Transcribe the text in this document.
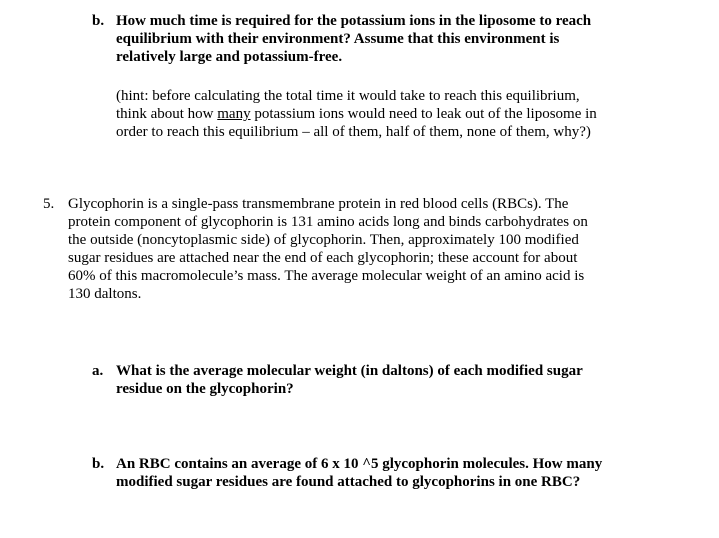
b. How much time is required for the potassium ions in the liposome to reach
equilibrium with their environment? Assume that this environment is
relatively large and potassium-free.
(hint: before calculating the total time it would take to reach this equilibrium,
think about how many potassium ions would need to leak out of the liposome in
order to reach this equilibrium – all of them, half of them, none of them, why?)
5. Glycophorin is a single-pass transmembrane protein in red blood cells (RBCs). The
protein component of glycophorin is 131 amino acids long and binds carbohydrates on
the outside (noncytoplasmic side) of glycophorin. Then, approximately 100 modified
sugar residues are attached near the end of each glycophorin; these account for about
60% of this macromolecule’s mass. The average molecular weight of an amino acid is
130 daltons.
a. What is the average molecular weight (in daltons) of each modified sugar
residue on the glycophorin?
b. An RBC contains an average of 6 x 10 ^5 glycophorin molecules. How many
modified sugar residues are found attached to glycophorins in one RBC?
